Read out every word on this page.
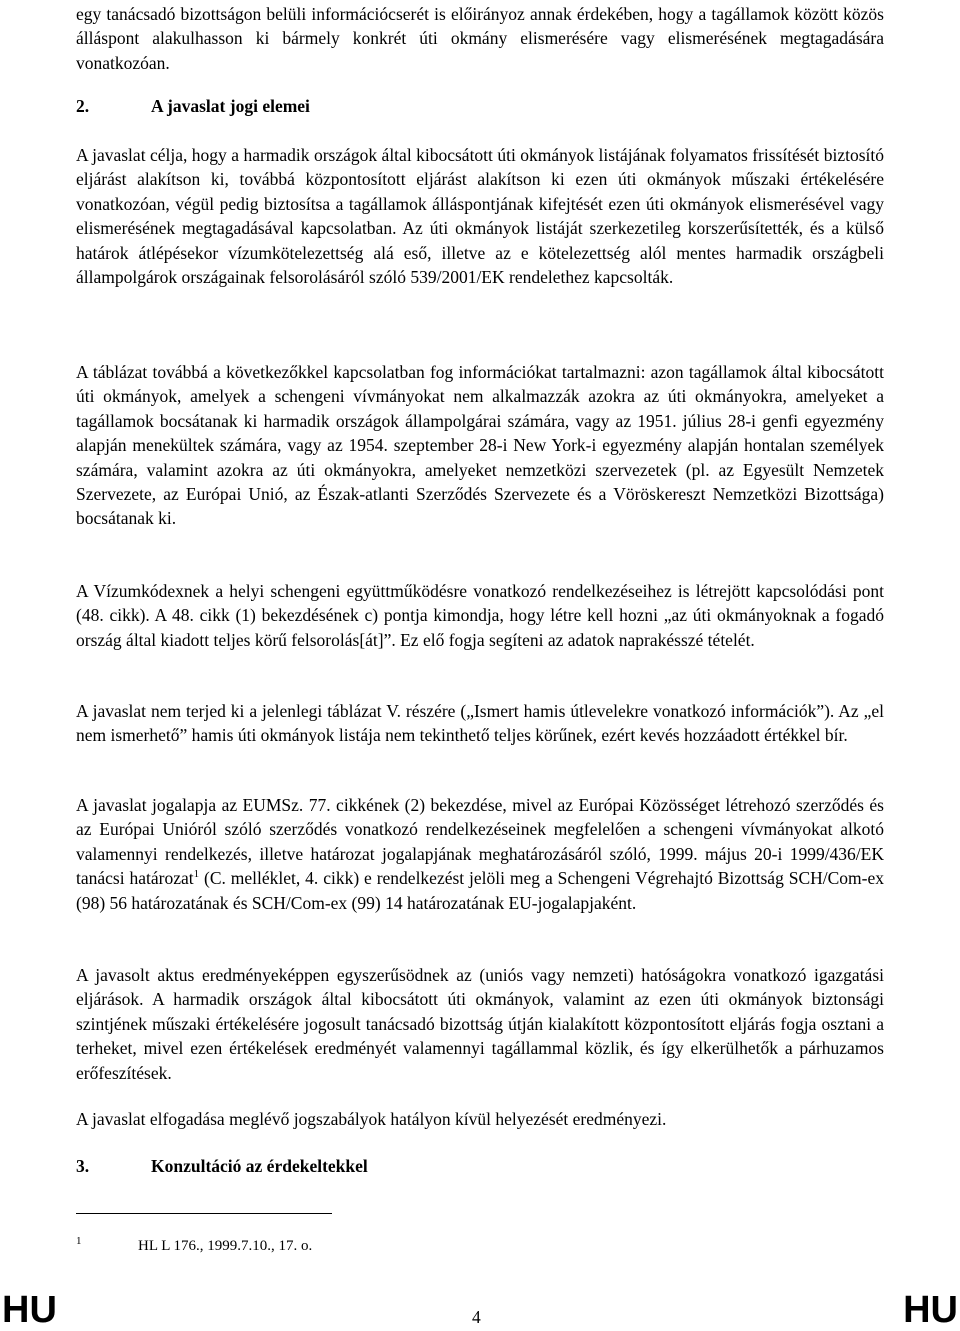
egy tanácsadó bizottságon belüli információcserét is előirányoz annak érdekében, hogy a tagállamok között közös álláspont alakulhasson ki bármely konkrét úti okmány elismerésére vagy elismerésének megtagadására vonatkozóan.

2.	A javaslat jogi elemei

A javaslat célja, hogy a harmadik országok által kibocsátott úti okmányok listájának folyamatos frissítését biztosító eljárást alakítson ki, továbbá központosított eljárást alakítson ki ezen úti okmányok műszaki értékelésére vonatkozóan, végül pedig biztosítsa a tagállamok álláspontjának kifejtését ezen úti okmányok elismerésével vagy elismerésének megtagadásával kapcsolatban. Az úti okmányok listáját szerkezetileg korszerűsítették, és a külső határok átlépésekor vízumkötelezettség alá eső, illetve az e kötelezettség alól mentes harmadik országbeli állampolgárok országainak felsorolásáról szóló 539/2001/EK rendelethez kapcsolták.

A táblázat továbbá a következőkkel kapcsolatban fog információkat tartalmazni: azon tagállamok által kibocsátott úti okmányok, amelyek a schengeni vívmányokat nem alkalmazzák azokra az úti okmányokra, amelyeket a tagállamok bocsátanak ki harmadik országok állampolgárai számára, vagy az 1951. július 28-i genfi egyezmény alapján menekültek számára, vagy az 1954. szeptember 28-i New York-i egyezmény alapján hontalan személyek számára, valamint azokra az úti okmányokra, amelyeket nemzetközi szervezetek (pl. az Egyesült Nemzetek Szervezete, az Európai Unió, az Észak-atlanti Szerződés Szervezete és a Vöröskereszt Nemzetközi Bizottsága) bocsátanak ki.

A Vízumkódexnek a helyi schengeni együttműködésre vonatkozó rendelkezéseihez is létrejött kapcsolódási pont (48. cikk). A 48. cikk (1) bekezdésének c) pontja kimondja, hogy létre kell hozni „az úti okmányoknak a fogadó ország által kiadott teljes körű felsorolás[át]”. Ez elő fogja segíteni az adatok naprakésszé tételét.

A javaslat nem terjed ki a jelenlegi táblázat V. részére („Ismert hamis útlevelekre vonatkozó információk”). Az „el nem ismerhető” hamis úti okmányok listája nem tekinthető teljes körűnek, ezért kevés hozzáadott értékkel bír.

A javaslat jogalapja az EUMSz. 77. cikkének (2) bekezdése, mivel az Európai Közösséget létrehozó szerződés és az Európai Unióról szóló szerződés vonatkozó rendelkezéseinek megfelelően a schengeni vívmányokat alkotó valamennyi rendelkezés, illetve határozat jogalapjának meghatározásáról szóló, 1999. május 20-i 1999/436/EK tanácsi határozat$^1$ (C. melléklet, 4. cikk) e rendelkezést jelöli meg a Schengeni Végrehajtó Bizottság SCH/Com-ex (98) 56 határozatának és SCH/Com-ex (99) 14 határozatának EU-jogalapjaként.

A javasolt aktus eredményeképpen egyszerűsödnek az (uniós vagy nemzeti) hatóságokra vonatkozó igazgatási eljárások. A harmadik országok által kibocsátott úti okmányok, valamint az ezen úti okmányok biztonsági szintjének műszaki értékelésére jogosult tanácsadó bizottság útján kialakított központosított eljárás fogja osztani a terheket, mivel ezen értékelések eredményét valamennyi tagállammal közlik, és így elkerülhetők a párhuzamos erőfeszítések.

A javaslat elfogadása meglévő jogszabályok hatályon kívül helyezését eredményezi.

3.	Konzultáció az érdekeltekkel
1	HL L 176., 1999.7.10., 17. o.
HU	4	HU
